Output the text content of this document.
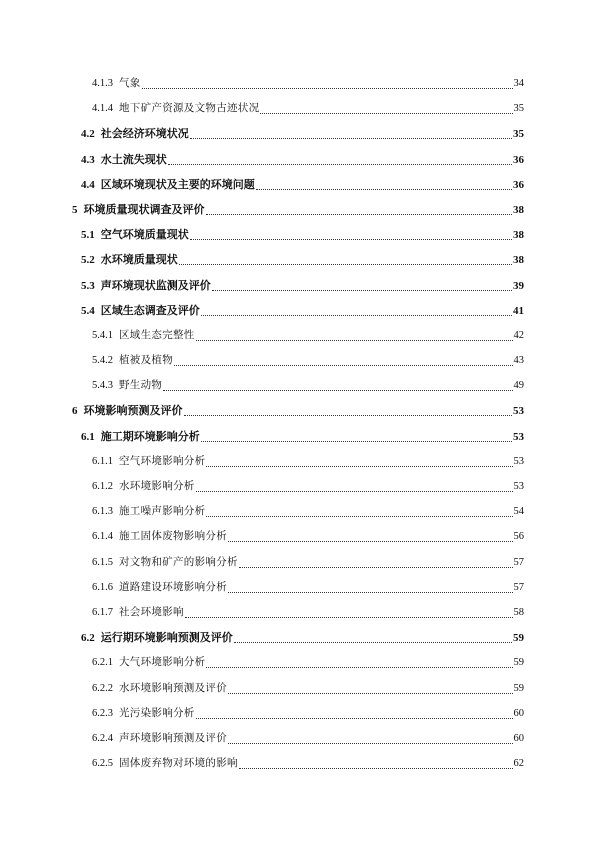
4.1.3 气象	34
4.1.4 地下矿产资源及文物古迹状况	35
4.2 社会经济环境状况	35
4.3 水土流失现状	36
4.4 区域环境现状及主要的环境问题	36
5 环境质量现状调查及评价	38
5.1 空气环境质量现状	38
5.2 水环境质量现状	38
5.3 声环境现状监测及评价	39
5.4 区域生态调查及评价	41
5.4.1 区域生态完整性	42
5.4.2 植被及植物	43
5.4.3 野生动物	49
6 环境影响预测及评价	53
6.1 施工期环境影响分析	53
6.1.1 空气环境影响分析	53
6.1.2 水环境影响分析	53
6.1.3 施工噪声影响分析	54
6.1.4 施工固体废物影响分析	56
6.1.5 对文物和矿产的影响分析	57
6.1.6 道路建设环境影响分析	57
6.1.7 社会环境影响	58
6.2 运行期环境影响预测及评价	59
6.2.1 大气环境影响分析	59
6.2.2 水环境影响预测及评价	59
6.2.3 光污染影响分析	60
6.2.4 声环境影响预测及评价	60
6.2.5 固体废弃物对环境的影响	62
